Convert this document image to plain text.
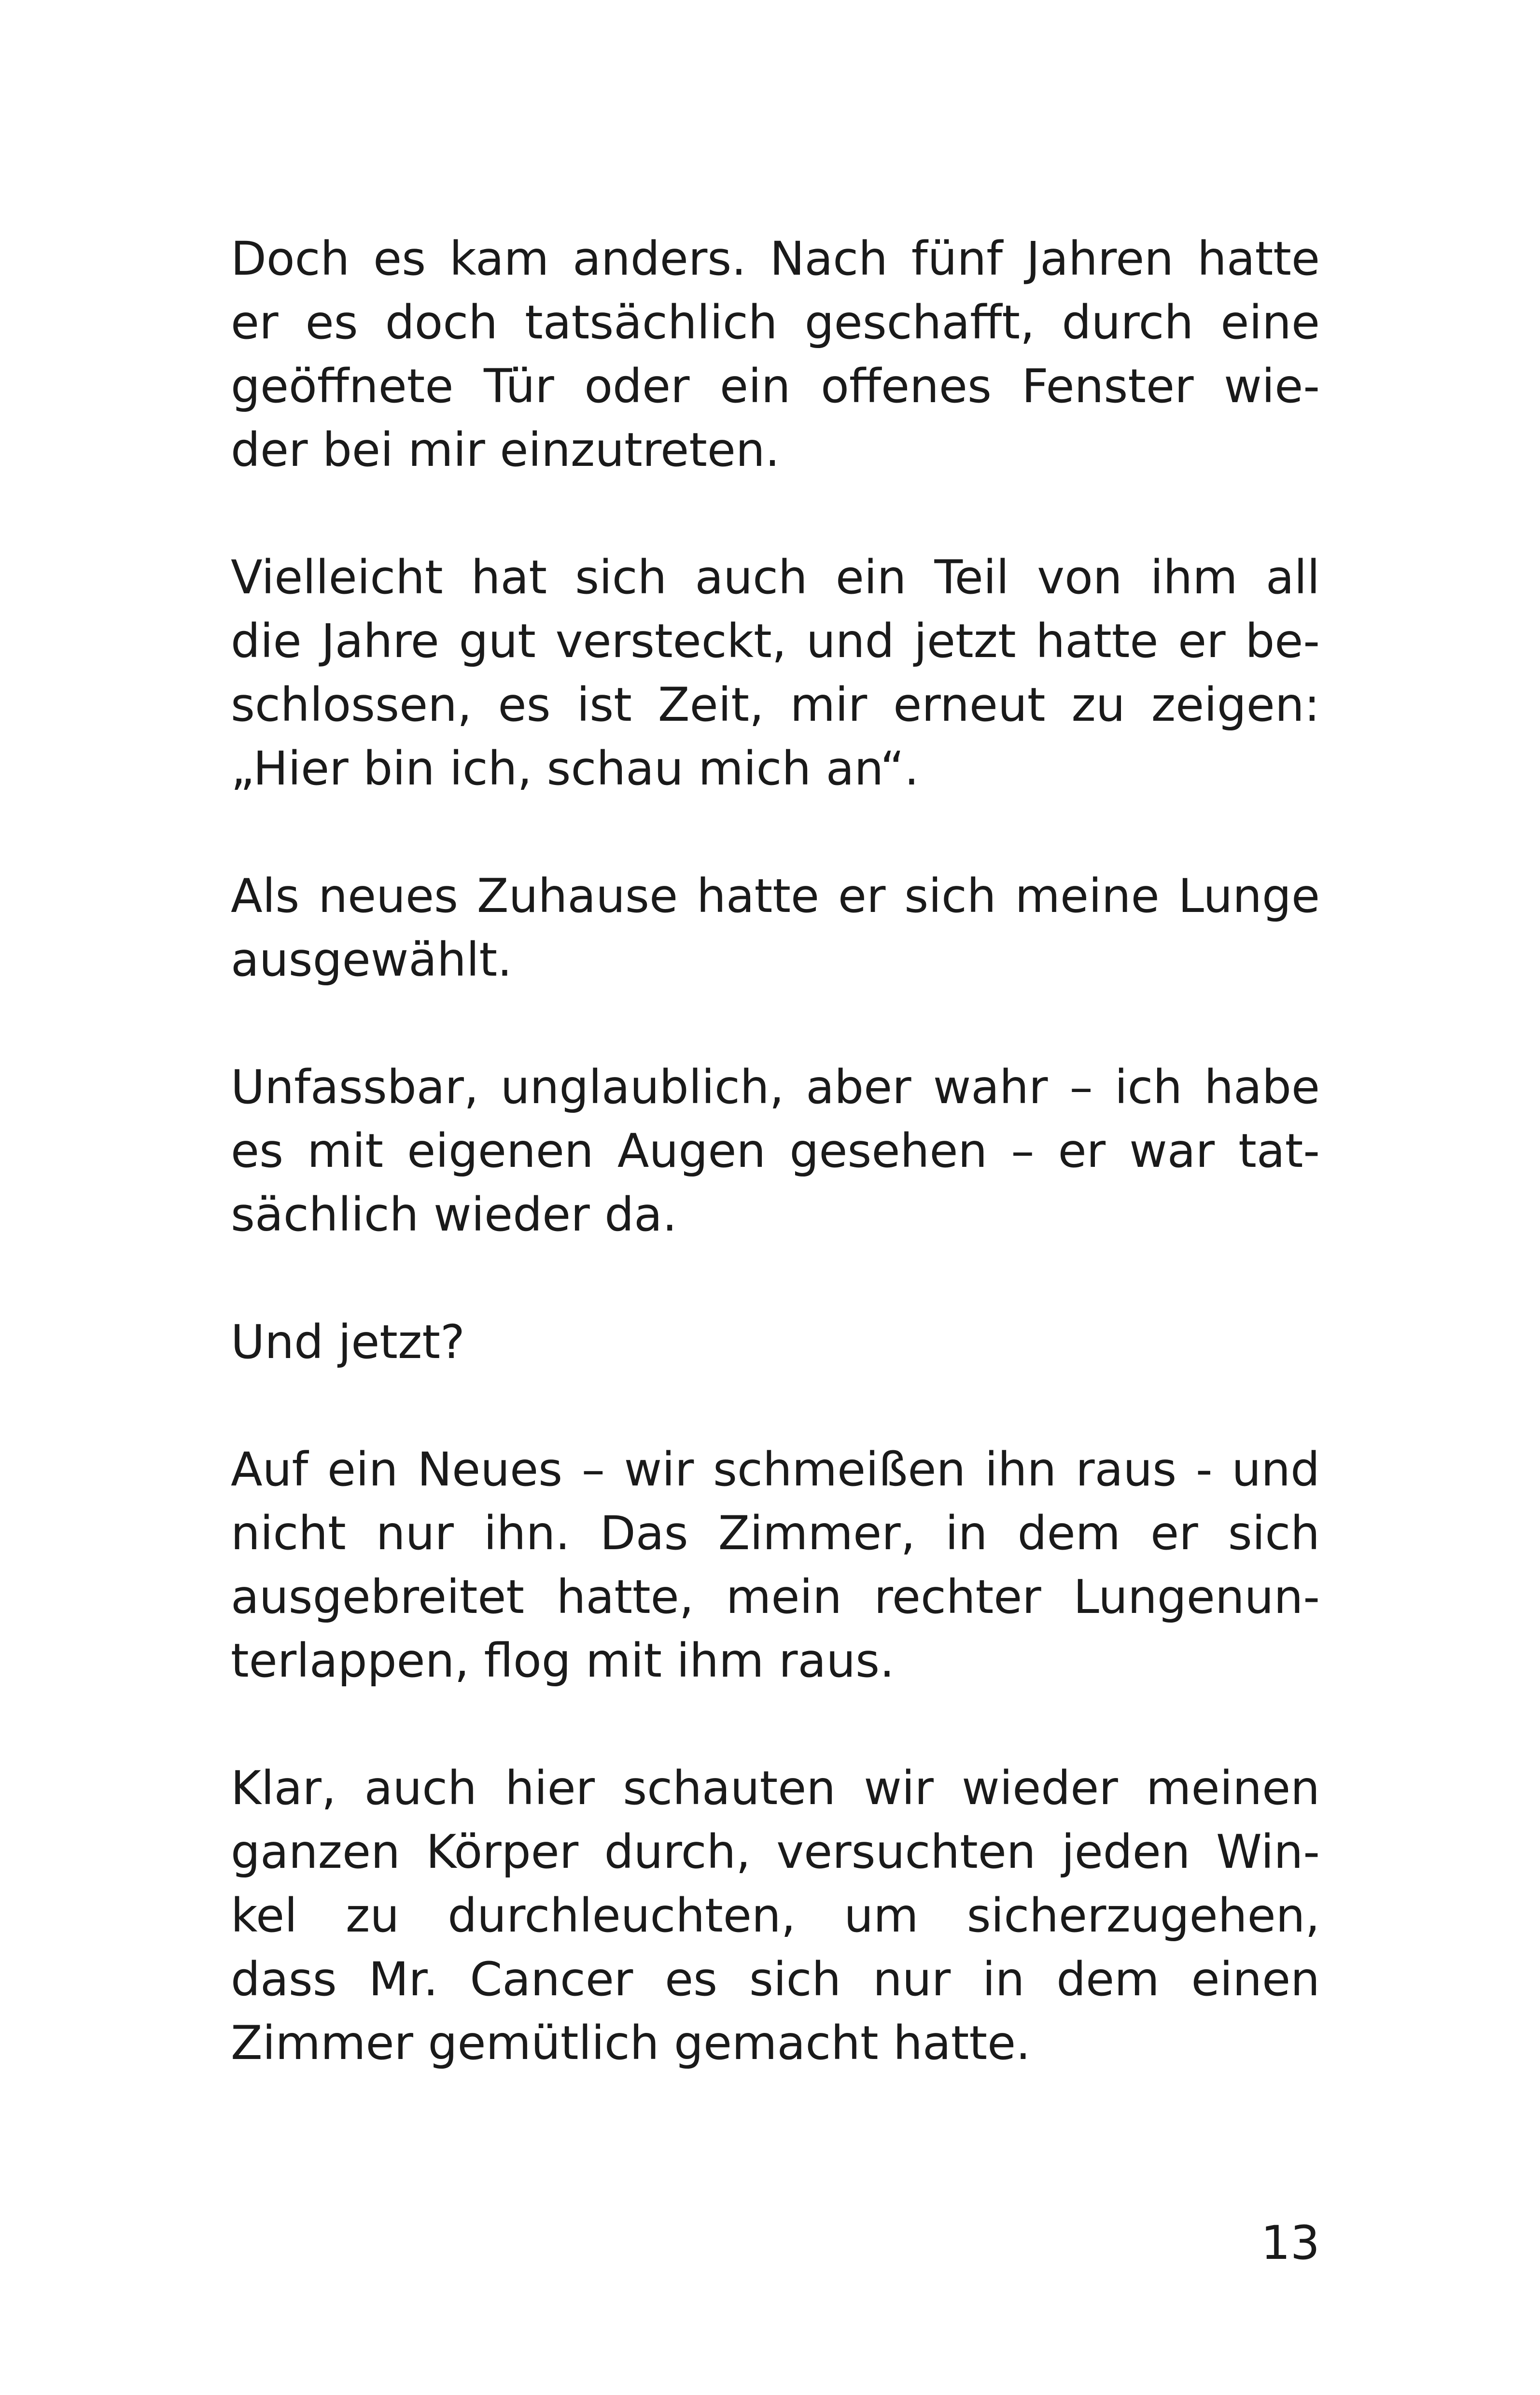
Doch es kam anders. Nach fünf Jahren hatte
er es doch tatsächlich geschafft, durch eine
geöffnete Tür oder ein offenes Fenster wie-
der bei mir einzutreten.

Vielleicht hat sich auch ein Teil von ihm all
die Jahre gut versteckt, und jetzt hatte er be-
schlossen, es ist Zeit, mir erneut zu zeigen:
„Hier bin ich, schau mich an“.

Als neues Zuhause hatte er sich meine Lunge
ausgewählt.

Unfassbar, unglaublich, aber wahr – ich habe
es mit eigenen Augen gesehen – er war tat-
sächlich wieder da.

Und jetzt?

Auf ein Neues – wir schmeißen ihn raus - und
nicht nur ihn. Das Zimmer, in dem er sich
ausgebreitet hatte, mein rechter Lungenun-
terlappen, flog mit ihm raus.

Klar, auch hier schauten wir wieder meinen
ganzen Körper durch, versuchten jeden Win-
kel zu durchleuchten, um sicherzugehen,
dass Mr. Cancer es sich nur in dem einen
Zimmer gemütlich gemacht hatte.

13
